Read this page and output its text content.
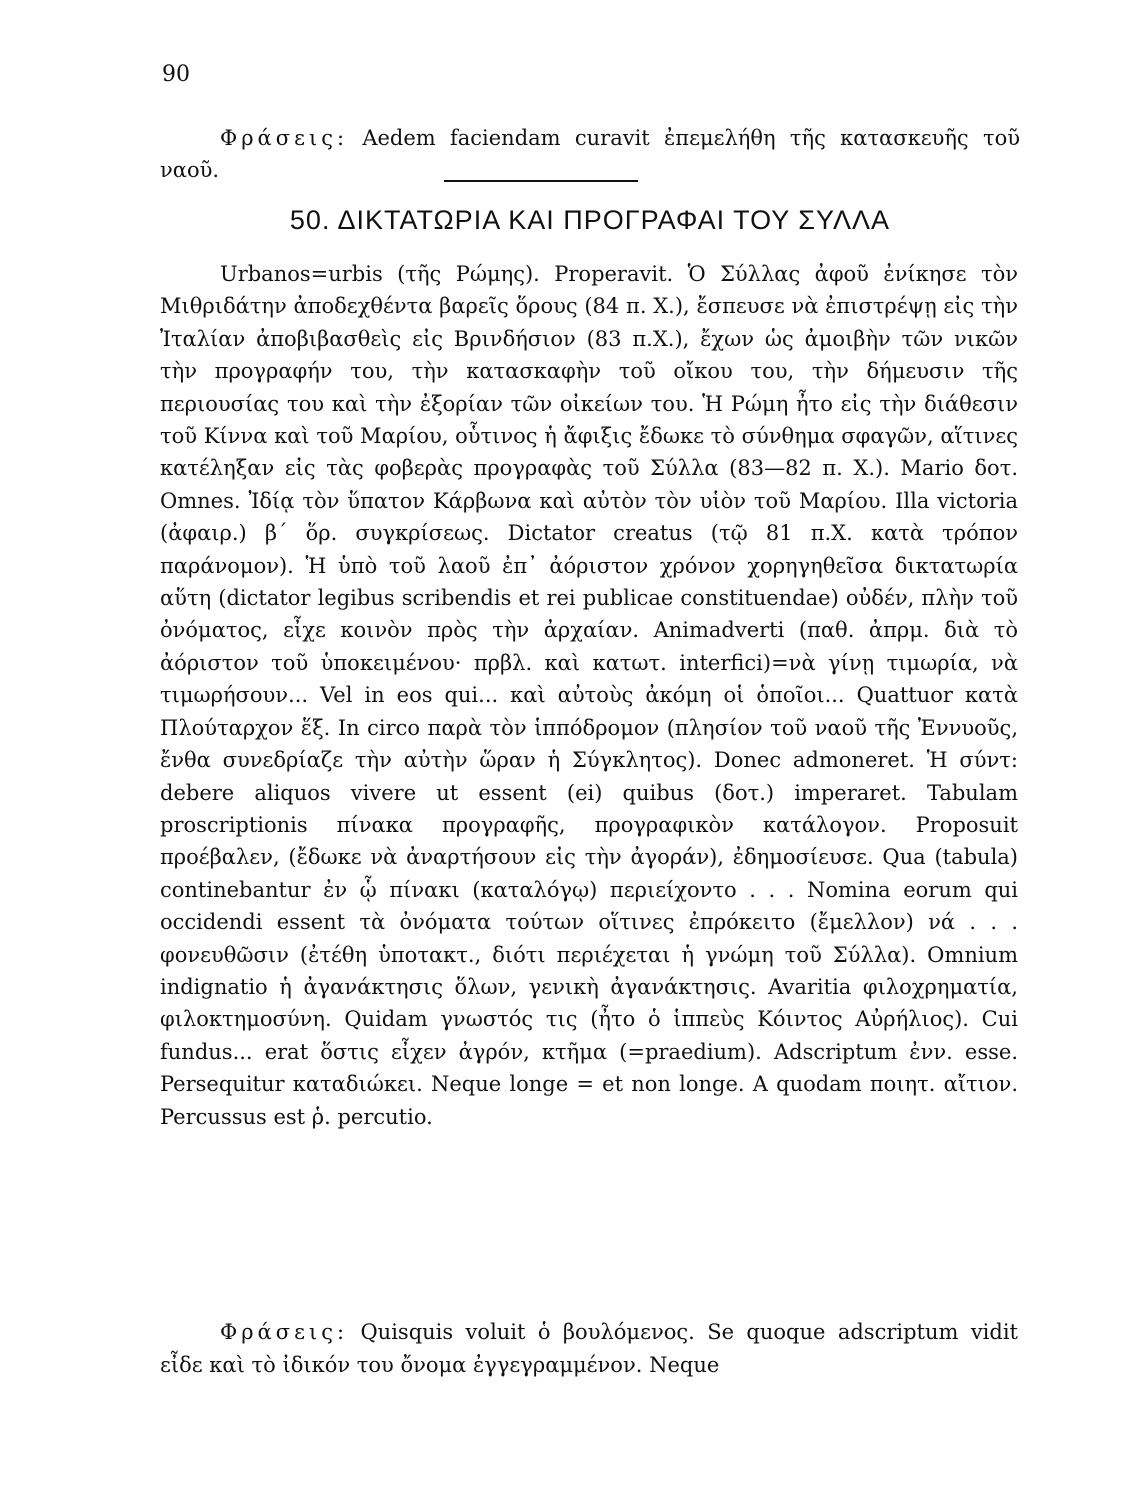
90
Φράσεις: Aedem faciendam curavit ἐπεμελήθη τῆς κατασκευῆς τοῦ ναοῦ.
50. ΔΙΚΤΑΤΩΡΙΑ ΚΑΙ ΠΡΟΓΡΑΦΑΙ ΤΟΥ ΣΥΛΛΑ

Urbanos=urbis (τῆς Ρώμης). Properavit. Ὁ Σύλλας ἀφοῦ ἐνίκησε τὸν Μιθριδάτην ἀποδεχθέντα βαρεῖς ὅρους (84 π. Χ.), ἔσπευσε νὰ ἐπιστρέψῃ εἰς τὴν Ἰταλίαν ἀποβιβασθεὶς εἰς Βρινδήσιον (83 π.Χ.), ἔχων ὡς ἀμοιβὴν τῶν νικῶν τὴν προγραφήν του, τὴν κατασκαφὴν τοῦ οἴκου του, τὴν δήμευσιν τῆς περιουσίας του καὶ τὴν ἐξορίαν τῶν οἰκείων του. Ἡ Ρώμη ἦτο εἰς τὴν διάθεσιν τοῦ Κίννα καὶ τοῦ Μαρίου, οὗτινος ἡ ἄφιξις ἔδωκε τὸ σύνθημα σφαγῶν, αἵτινες κατέληξαν εἰς τὰς φοβερὰς προγραφὰς τοῦ Σύλλα (83—82 π. Χ.). Mario δοτ. Omnes. Ἰδίᾳ τὸν ὕπατον Κάρβωνα καὶ αὐτὸν τὸν υἱὸν τοῦ Μαρίου. Illa victoria (ἀφαιρ.) β΄ ὅρ. συγκρίσεως. Dictator creatus (τῷ 81 π.Χ. κατὰ τρόπον παράνομον). Ἡ ὑπὸ τοῦ λαοῦ ἐπ᾽ ἀόριστον χρόνον χορηγηθεῖσα δικτατωρία αὕτη (dictator legibus scribendis et rei publicae constituendae) οὐδέν, πλὴν τοῦ ὀνόματος, εἶχε κοινὸν πρὸς τὴν ἀρχαίαν. Animadverti (παθ. ἀπρμ. διὰ τὸ ἀόριστον τοῦ ὑποκειμένου· πρβλ. καὶ κατωτ. interfici)=νὰ γίνῃ τιμωρία, νὰ τιμωρήσουν... Vel in eos qui... καὶ αὐτοὺς ἀκόμη οἱ ὁποῖοι... Quattuor κατὰ Πλούταρχον ἕξ. In circo παρὰ τὸν ἱππόδρομον (πλησίον τοῦ ναοῦ τῆς Ἐννυοῦς, ἔνθα συνεδρίαζε τὴν αὐτὴν ὥραν ἡ Σύγκλητος). Donec admoneret. Ἡ σύντ: debere aliquos vivere ut essent (ei) quibus (δοτ.) imperaret. Tabulam proscriptionis πίνακα προγραφῆς, προγραφικὸν κατάλογον. Proposuit προέβαλεν, (ἔδωκε νὰ ἀναρτήσουν εἰς τὴν ἀγοράν), ἐδημοσίευσε. Qua (tabula) continebantur ἐν ᾧ πίνακι (καταλόγῳ) περιείχοντο . . . Nomina eorum qui occidendi essent τὰ ὀνόματα τούτων οἵτινες ἐπρόκειτο (ἔμελλον) νά . . . φονευθῶσιν (ἐτέθη ὑποτακτ., διότι περιέχεται ἡ γνώμη τοῦ Σύλλα). Omnium indignatio ἡ ἀγανάκτησις ὅλων, γενικὴ ἀγανάκτησις. Avaritia φιλοχρηματία, φιλοκτημοσύνη. Quidam γνωστός τις (ἦτο ὁ ἱππεὺς Κόιντος Αὐρήλιος). Cui fundus... erat ὅστις εἶχεν ἀγρόν, κτῆμα (=praedium). Adscriptum ἐνν. esse. Persequitur καταδιώκει. Neque longe = et non longe. A quodam ποιητ. αἴτιον. Percussus est ῥ. percutio.

Φράσεις: Quisquis voluit ὁ βουλόμενος. Se quoque adscriptum vidit εἶδε καὶ τὸ ἰδικόν του ὄνομα ἐγγεγραμμένον. Neque
